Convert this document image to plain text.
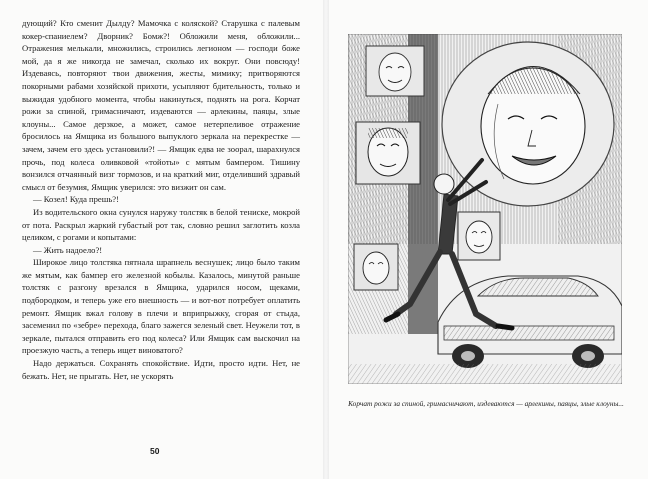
дующий? Кто сменит Дылду? Мамочка с коляской? Старушка с палевым кокер-спаниелем? Дворник? Бомж?! Обложили меня, обложили... Отражения мелькали, множились, строились легионом — господи боже мой, да я же никогда не замечал, сколько их вокруг. Они повсюду! Издеваясь, повторяют твои движения, жесты, мимику; притворяются покорными рабами хозяйской прихоти, усыпляют бдительность, только и выжидая удобного момента, чтобы накинуться, поднять на рога. Корчат рожи за спиной, гримасничают, издеваются — арлекины, паяцы, злые клоуны... Самое дерзкое, а может, самое нетерпеливое отражение бросилось на Ямщика из большого выпуклого зеркала на перекрестке — зачем, зачем его здесь установили?! — Ямщик едва не зоорал, шарахнулся прочь, под колеса оливковой «тойоты» с мятым бампером. Тишину вонзился отчаянный визг тормозов, и на краткий миг, отделивший здравый смысл от безумия, Ямщик уверился: это визжит он сам.

— Козел! Куда прешь?!

Из водительского окна сунулся наружу толстяк в белой тениске, мокрой от пота. Раскрыл жаркий губастый рот так, словно решил заглотить козла целиком, с рогами и копытами:

— Жить надоело?!

Широкое лицо толстяка пятнала шрапнель веснушек; лицо было таким же мятым, как бампер его железной кобылы. Казалось, минутой раньше толстяк с разгону врезался в Ямщика, ударился носом, щеками, подбородком, и теперь уже его внешность — и вот-вот потребует оплатить ремонт. Ямщик вжал голову в плечи и вприпрыжку, сгорая от стыда, засеменил по «зебре» перехода, благо зажегся зеленый свет. Неужели тот, в зеркале, пытался отправить его под колеса? Или Ямщик сам выскочил на проезжую часть, а теперь ищет виноватого?

Надо держаться. Сохранять спокойствие. Идти, просто идти. Нет, не бежать. Нет, не прыгать. Нет, не ускорять

50
Корчат рожи за спиной, гримасничают, издеваются — арлекины, паяцы, злые клоуны...
